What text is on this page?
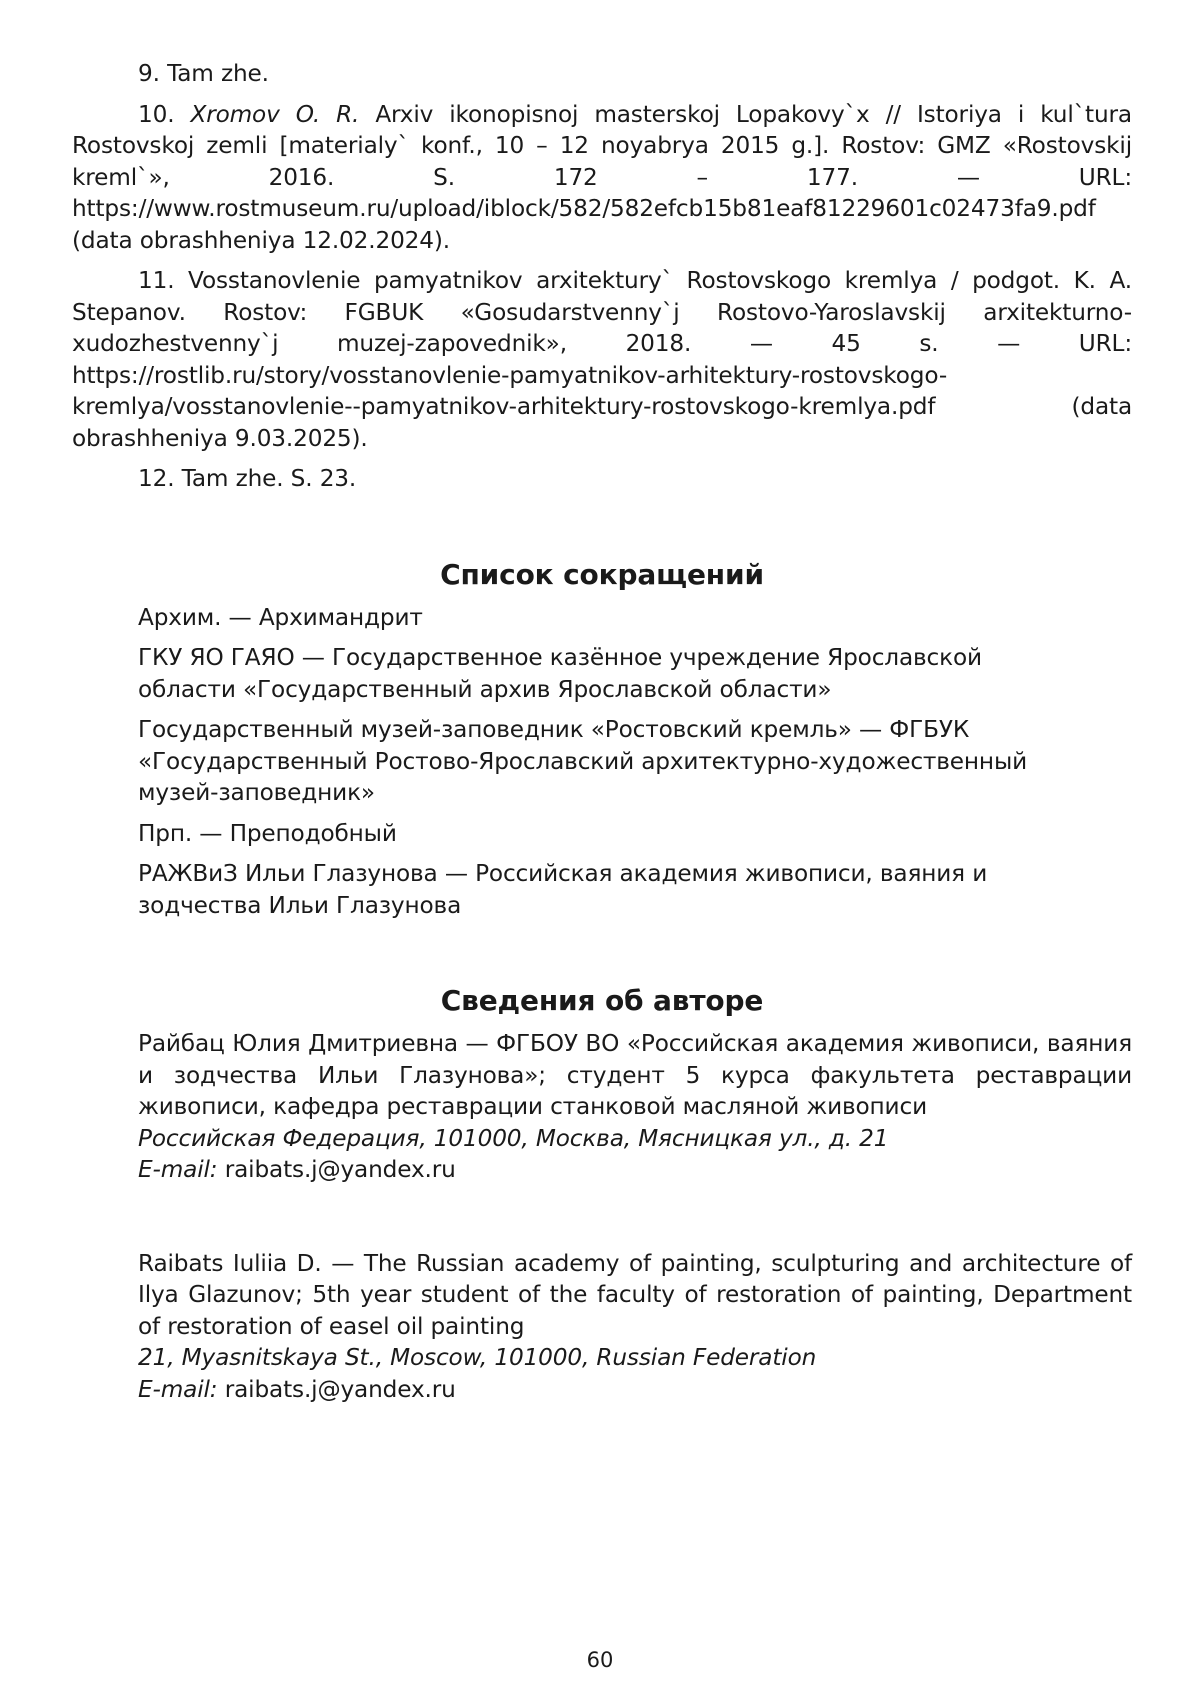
9. Tam zhe.

10. Xromov O. R. Arxiv ikonopisnoj masterskoj Lopakovy`x // Istoriya i kul`tura Rostovskoj zemli [materialy` konf., 10 – 12 noyabrya 2015 g.]. Rostov: GMZ «Rostovskij kreml`», 2016. S. 172 – 177. — URL: https://www.rostmuseum.ru/upload/iblock/582/582efcb15b81eaf81229601c02473fa9.pdf (data obrashheniya 12.02.2024).

11. Vosstanovlenie pamyatnikov arxitektury` Rostovskogo kremlya / podgot. K. A. Stepanov. Rostov: FGBUK «Gosudarstvenny`j Rostovo-Yaroslavskij arxitekturno-xudozhestvenny`j muzej-zapovednik», 2018. — 45 s. — URL: https://rostlib.ru/story/vosstanovlenie-pamyatnikov-arhitektury-rostovskogo-kremlya/vosstanovlenie--pamyatnikov-arhitektury-rostovskogo-kremlya.pdf (data obrashheniya 9.03.2025).

12. Tam zhe. S. 23.

Список сокращений

Архим. — Архимандрит

ГКУ ЯО ГАЯО — Государственное казённое учреждение Ярославской области «Государственный архив Ярославской области»

Государственный музей-заповедник «Ростовский кремль» — ФГБУК «Государственный Ростово-Ярославский архитектурно-художественный музей-заповедник»

Прп. — Преподобный

РАЖВиЗ Ильи Глазунова — Российская академия живописи, ваяния и зодчества Ильи Глазунова

Сведения об авторе

Райбац Юлия Дмитриевна — ФГБОУ ВО «Российская академия живописи, ваяния и зодчества Ильи Глазунова»; студент 5 курса факультета реставрации живописи, кафедра реставрации станковой масляной живописи

Российская Федерация, 101000, Москва, Мясницкая ул., д. 21

E-mail: raibats.j@yandex.ru

Raibats Iuliia D. — The Russian academy of painting, sculpturing and architecture of Ilya Glazunov; 5th year student of the faculty of restoration of painting, Department of restoration of easel oil painting

21, Myasnitskaya St., Moscow, 101000, Russian Federation

E-mail: raibats.j@yandex.ru

60
